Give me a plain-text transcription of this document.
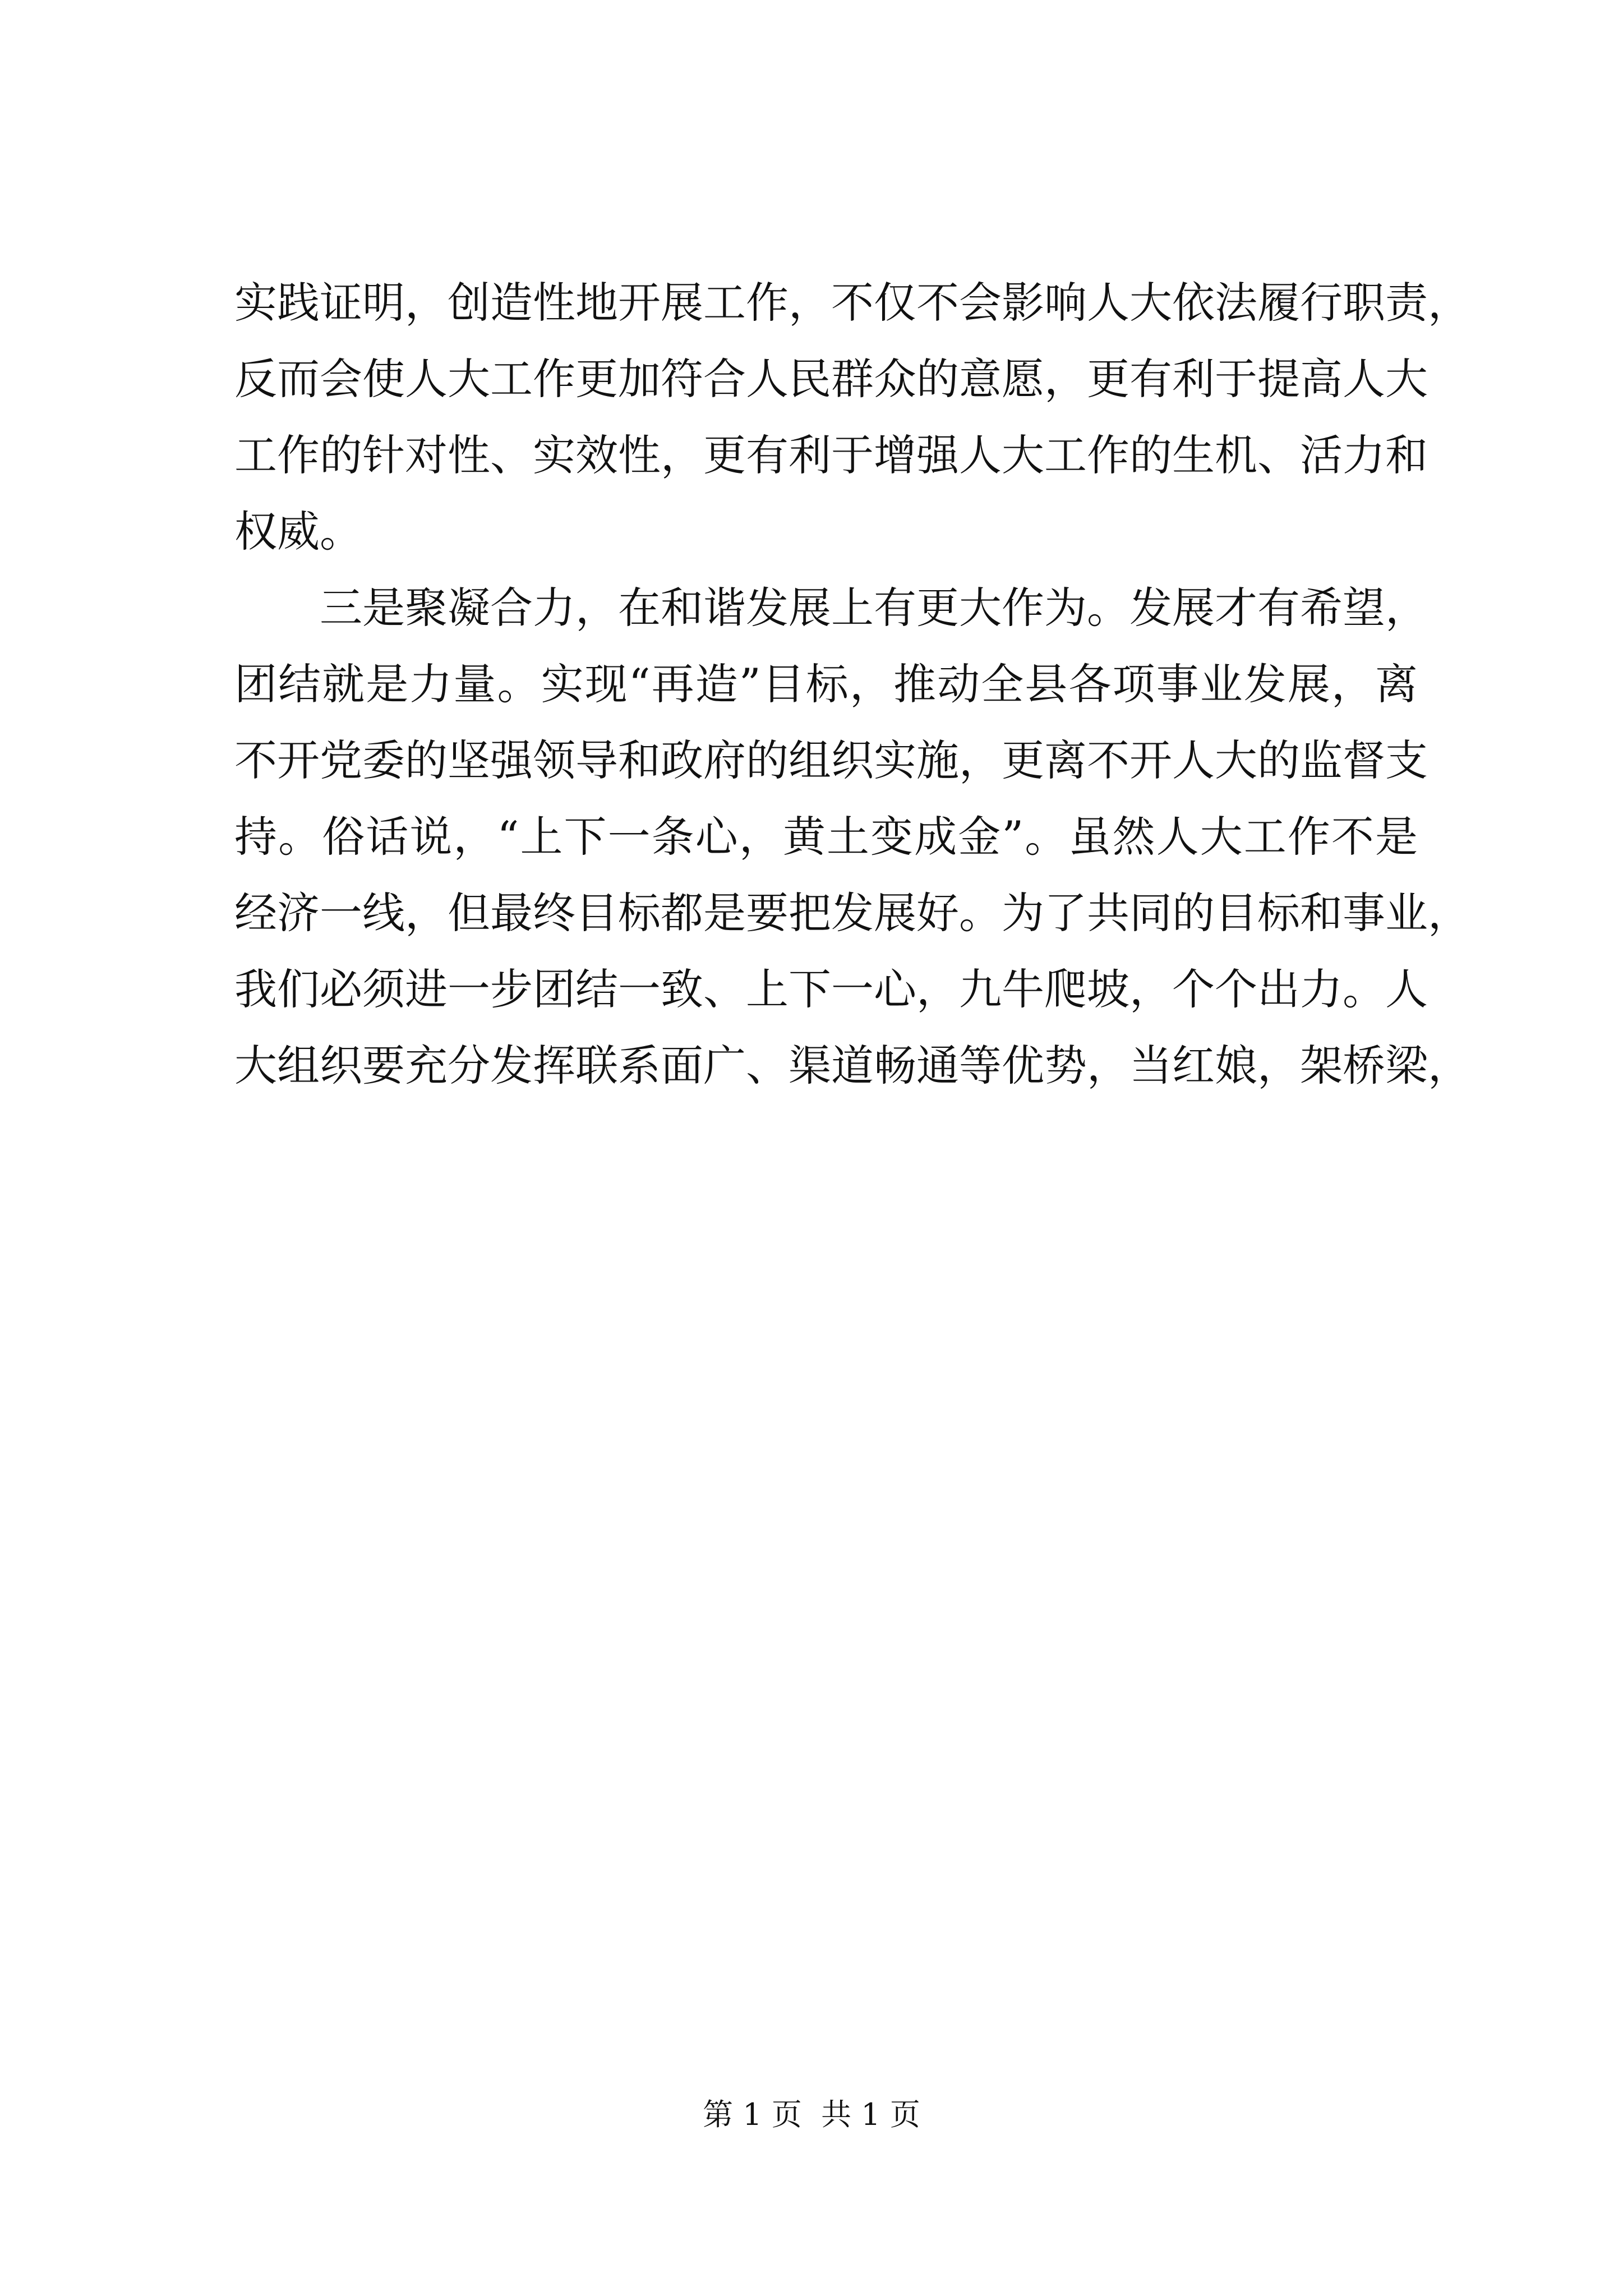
实践证明，创造性地开展工作，不仅不会影响人大依法履行职责，
反而会使人大工作更加符合人民群众的意愿，更有利于提高人大
工作的针对性、实效性，更有利于增强人大工作的生机、活力和
权威。
三是聚凝合力，在和谐发展上有更大作为。发展才有希望，
团结就是力量。实现“再造”目标，推动全县各项事业发展，离
不开党委的坚强领导和政府的组织实施，更离不开人大的监督支
持。俗话说，“上下一条心，黄土变成金”。虽然人大工作不是
经济一线，但最终目标都是要把发展好。为了共同的目标和事业，
我们必须进一步团结一致、上下一心，九牛爬坡，个个出力。人
大组织要充分发挥联系面广、渠道畅通等优势，当红娘，架桥梁，
第 1 页  共 1 页
